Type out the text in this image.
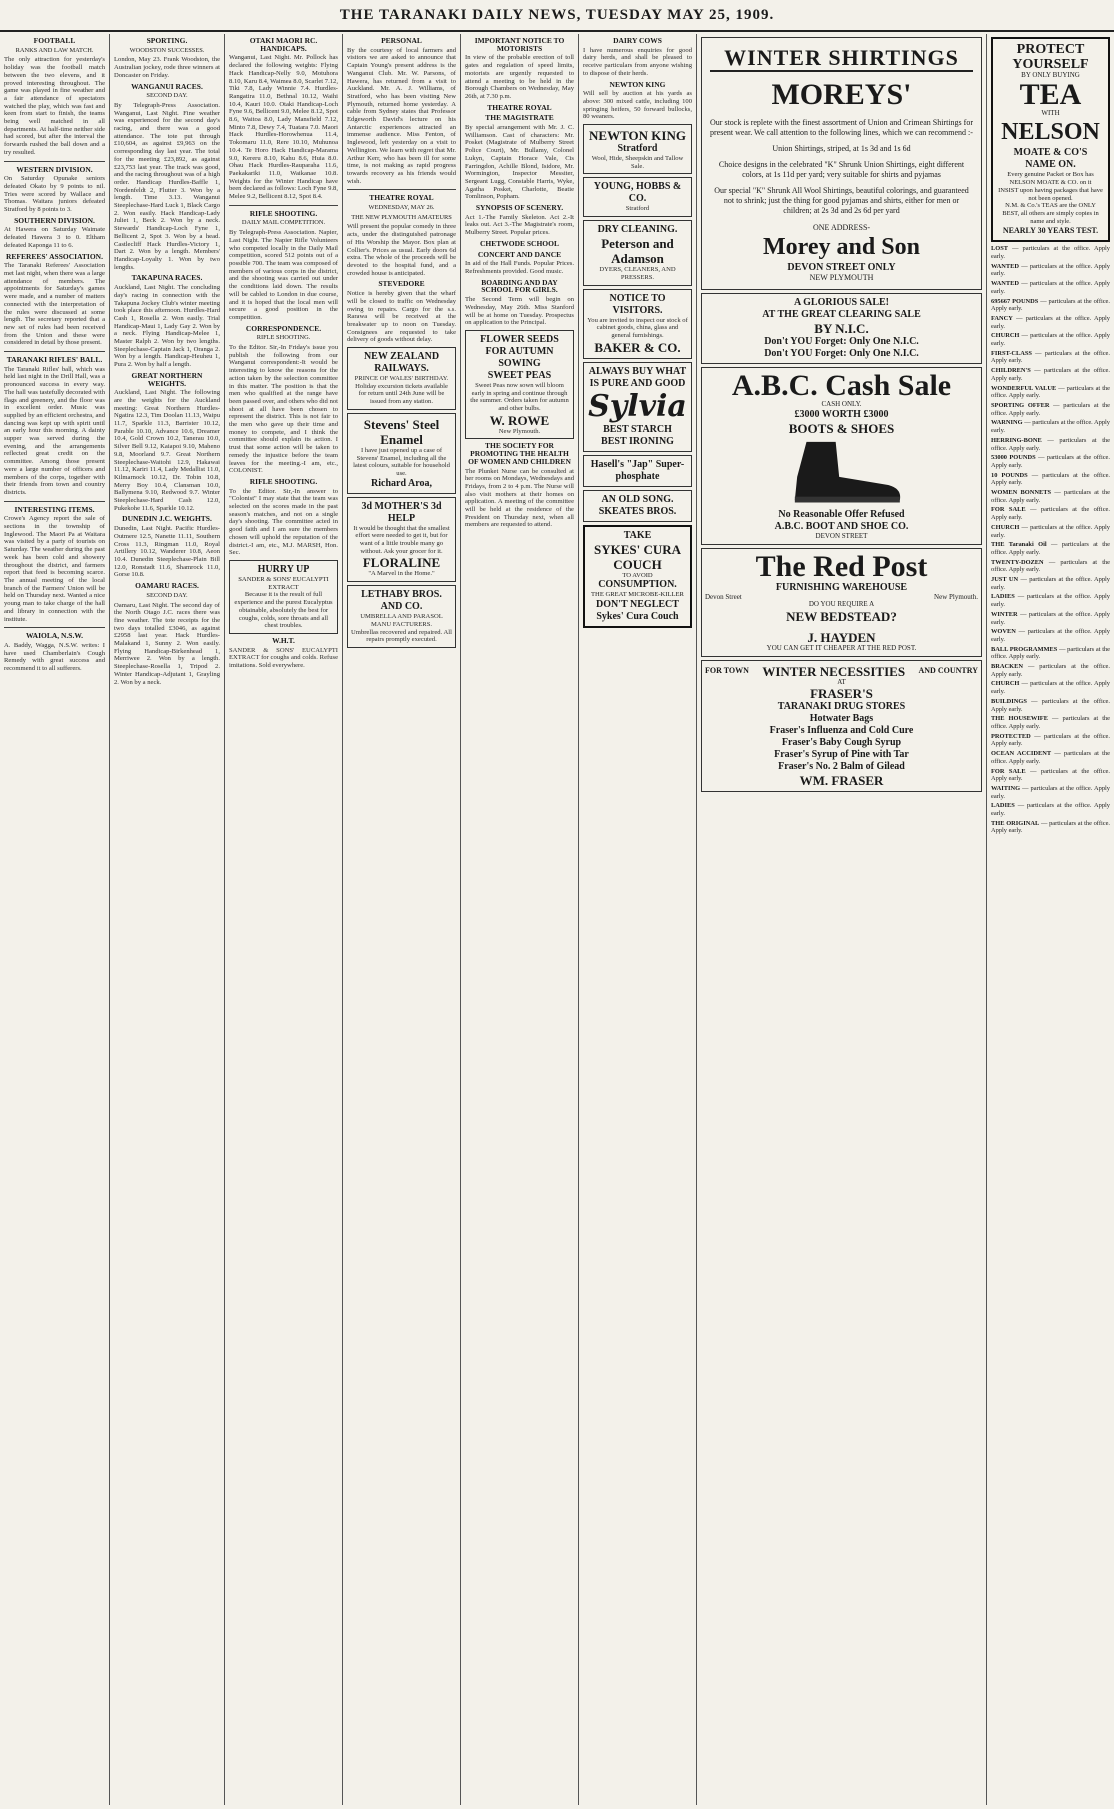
THE TARANAKI DAILY NEWS, TUESDAY MAY 25, 1909.
FOOTBALL
RANKS AND LAW MATCH.
The only attraction for yesterday's holiday was the football match between the two elevens, and it proved interesting throughout. The game was played in fine weather and a fair attendance of spectators watched the play, which was fast and keen from start to finish, the teams being well matched in all departments. At half-time neither side had scored, but after the interval the forwards rushed the ball down and a try resulted.
WESTERN DIVISION.
On Saturday Opunake seniors defeated Okato by 9 points to nil. Tries were scored by Wallace and Thomas. Waitara juniors defeated Stratford by 8 points to 3.
SOUTHERN DIVISION.
At Hawera on Saturday Waimate defeated Hawera 3 to 0. Eltham defeated Kaponga 11 to 6.
REFEREES' ASSOCIATION.
The Taranaki Referees' Association met last night, when there was a large attendance of members. The appointments for Saturday's games were made, and a number of matters connected with the interpretation of the rules were discussed at some length. The secretary reported that a new set of rules had been received from the Union and these were considered in detail by those present.
TARANAKI RIFLES' BALL.
The Taranaki Rifles' ball, which was held last night in the Drill Hall, was a pronounced success in every way. The hall was tastefully decorated with flags and greenery, and the floor was in excellent order. Music was supplied by an efficient orchestra, and dancing was kept up with spirit until an early hour this morning. A dainty supper was served during the evening, and the arrangements reflected great credit on the committee. Among those present were a large number of officers and members of the corps, together with their friends from town and country districts.
INTERESTING ITEMS.
Crowe's Agency report the sale of sections in the township of Inglewood. The Maori Pa at Waitara was visited by a party of tourists on Saturday. The weather during the past week has been cold and showery throughout the district, and farmers report that feed is becoming scarce. The annual meeting of the local branch of the Farmers' Union will be held on Thursday next. Wanted a nice young man to take charge of the hall and library in connection with the institute.
WAIOLA, N.S.W.
A. Baddy, Wagga, N.S.W. writes: I have used Chamberlain's Cough Remedy with great success and recommend it to all sufferers.
SPORTING.
WOODSTON SUCCESSES.
London, May 23. Frank Woodston, the Australian jockey, rode three winners at Doncaster on Friday.
WANGANUI RACES.
SECOND DAY.
By Telegraph-Press Association. Wanganui, Last Night. Fine weather was experienced for the second day's racing, and there was a good attendance. The tote put through £10,604, as against £9,963 on the corresponding day last year. The total for the meeting £23,892, as against £23,753 last year. The track was good, and the racing throughout was of a high order. Handicap Hurdles-Baffle 1, Nordenfeldt 2, Flutter 3. Won by a length. Time 3.13. Wanganui Steeplechase-Hard Luck 1, Black Cargo 2. Won easily. Hack Handicap-Lady Juliet 1, Beck 2. Won by a neck. Stewards' Handicap-Loch Fyne 1, Bellicent 2, Spot 3. Won by a head. Castlecliff Hack Hurdles-Victory 1, Dart 2. Won by a length. Members' Handicap-Loyalty 1. Won by two lengths.
TAKAPUNA RACES.
Auckland, Last Night. The concluding day's racing in connection with the Takapuna Jockey Club's winter meeting took place this afternoon. Hurdles-Hard Cash 1, Rosella 2. Won easily. Trial Handicap-Maui 1, Lady Gay 2. Won by a neck. Flying Handicap-Melee 1, Master Ralph 2. Won by two lengths. Steeplechase-Captain Jack 1, Oranga 2. Won by a length. Handicap-Heuheu 1, Pura 2. Won by half a length.
GREAT NORTHERN WEIGHTS.
Auckland, Last Night. The following are the weights for the Auckland meeting: Great Northern Hurdles-Ngatira 12.3, Tim Doolan 11.13, Waipu 11.7, Sparkle 11.3, Barrister 10.12, Parable 10.10, Advance 10.6, Dreamer 10.4, Gold Crown 10.2, Tanerau 10.0, Silver Bell 9.12, Kaiapoi 9.10, Maheno 9.8, Moorland 9.7. Great Northern Steeplechase-Waitohi 12.9, Hakawai 11.12, Kariri 11.4, Lady Medallist 11.0, Kilmarnock 10.12, Dr. Tobin 10.8, Merry Boy 10.4, Clansman 10.0, Ballymena 9.10, Redwood 9.7. Winter Steeplechase-Hard Cash 12.0, Pukekohe 11.6, Sparkle 10.12.
DUNEDIN J.C. WEIGHTS.
Dunedin, Last Night. Pacific Hurdles-Outmere 12.5, Nanette 11.11, Southern Cross 11.3, Ringman 11.0, Royal Artillery 10.12, Wanderer 10.8, Aeon 10.4. Dunedin Steeplechase-Plain Bill 12.0, Ronstadt 11.6, Shamrock 11.0, Gorse 10.8.
OAMARU RACES.
SECOND DAY.
Oamaru, Last Night. The second day of the North Otago J.C. races there was fine weather. The tote receipts for the two days totalled £3046, as against £2958 last year. Hack Hurdles-Malakand 1, Sunny 2. Won easily. Flying Handicap-Birkenhead 1, Merriwee 2. Won by a length. Steeplechase-Rosella 1, Tripod 2. Winter Handicap-Adjutant 1, Grayling 2. Won by a neck.
OTAKI MAORI RC. HANDICAPS.
Wanganui, Last Night. Mr. Pollock has declared the following weights: Flying Hack Handicap-Nelly 9.0, Motuhora 8.10, Karu 8.4, Waimea 8.0, Scarlet 7.12, Tiki 7.8, Lady Winnie 7.4. Hurdles-Rangatira 11.0, Bethnal 10.12, Waihi 10.4, Kauri 10.0. Otaki Handicap-Loch Fyne 9.6, Bellicent 9.0, Melee 8.12, Spot 8.6, Waitoa 8.0, Lady Mansfield 7.12, Minto 7.8, Dewy 7.4, Tuatara 7.0. Maori Hack Hurdles-Horowhenua 11.4, Tokomaru 11.0, Rere 10.10, Muhunoa 10.4. Te Horo Hack Handicap-Marama 9.0, Kereru 8.10, Kahu 8.6, Huia 8.0. Ohau Hack Hurdles-Rauparaha 11.6, Paekakariki 11.0, Waikanae 10.8. Weights for the Winter Handicap have been declared as follows: Loch Fyne 9.8, Melee 9.2, Bellicent 8.12, Spot 8.4.
RIFLE SHOOTING.
DAILY MAIL COMPETITION.
By Telegraph-Press Association. Napier, Last Night. The Napier Rifle Volunteers who competed locally in the Daily Mail competition, scored 512 points out of a possible 700. The team was composed of members of various corps in the district, and the shooting was carried out under the conditions laid down. The results will be cabled to London in due course, and it is hoped that the local men will secure a good position in the competition.
CORRESPONDENCE.
RIFLE SHOOTING.
To the Editor. Sir,-In Friday's issue you publish the following from our Wanganui correspondent:-It would be interesting to know the reasons for the action taken by the selection committee in this matter. The position is that the men who qualified at the range have been passed over, and others who did not shoot at all have been chosen to represent the district. This is not fair to the men who gave up their time and money to compete, and I think the committee should explain its action. I trust that some action will be taken to remedy the injustice before the team leaves for the meeting.-I am, etc., COLONIST.
RIFLE SHOOTING.
To the Editor. Sir,-In answer to "Colonist" I may state that the team was selected on the scores made in the past season's matches, and not on a single day's shooting. The committee acted in good faith and I am sure the members chosen will uphold the reputation of the district.-I am, etc., M.J. MARSH, Hon. Sec.
HURRY UP
SANDER & SONS' EUCALYPTI EXTRACT
Because it is the result of full experience and the purest Eucalyptus obtainable, absolutely the best for coughs, colds, sore throats and all chest troubles.
W.H.T.
SANDER & SONS' EUCALYPTI EXTRACT for coughs and colds. Refuse imitations. Sold everywhere.
PERSONAL
By the courtesy of local farmers and visitors we are asked to announce that Captain Young's present address is the Wanganui Club. Mr. W. Parsons, of Hawera, has returned from a visit to Auckland. Mr. A. J. Williams, of Stratford, who has been visiting New Plymouth, returned home yesterday. A cable from Sydney states that Professor Edgeworth David's lecture on his Antarctic experiences attracted an immense audience. Miss Fenton, of Inglewood, left yesterday on a visit to Wellington. We learn with regret that Mr. Arthur Kerr, who has been ill for some time, is not making as rapid progress towards recovery as his friends would wish.
THEATRE ROYAL
WEDNESDAY, MAY 26.
THE NEW PLYMOUTH AMATEURS
Will present the popular comedy in three acts, under the distinguished patronage of His Worship the Mayor. Box plan at Collier's. Prices as usual. Early doors 6d extra. The whole of the proceeds will be devoted to the hospital fund, and a crowded house is anticipated.
STEVEDORE
Notice is hereby given that the wharf will be closed to traffic on Wednesday owing to repairs. Cargo for the s.s. Rarawa will be received at the breakwater up to noon on Tuesday. Consignees are requested to take delivery of goods without delay.
NEW ZEALAND RAILWAYS.
PRINCE OF WALES' BIRTHDAY.
Holiday excursion tickets available for return until 24th June will be issued from any station.
Stevens' Steel Enamel
I have just opened up a case of Stevens' Enamel, including all the latest colours, suitable for household use.
Richard Aroa,
3d MOTHER'S 3d HELP
It would be thought that the smallest effort were needed to get it, but for want of a little trouble many go without. Ask your grocer for it.
FLORALINE
"A Marvel in the Home."
LETHABY BROS. AND CO.
UMBRELLA AND PARASOL MANU FACTURERS.
Umbrellas recovered and repaired. All repairs promptly executed.
IMPORTANT NOTICE TO MOTORISTS
In view of the probable erection of toll gates and regulation of speed limits, motorists are urgently requested to attend a meeting to be held in the Borough Chambers on Wednesday, May 26th, at 7.30 p.m.
THEATRE ROYAL
THE MAGISTRATE
By special arrangement with Mr. J. C. Williamson. Cast of characters: Mr. Posket (Magistrate of Mulberry Street Police Court), Mr. Bullamy, Colonel Lukyn, Captain Horace Vale, Cis Farringdon, Achille Blond, Isidore, Mr. Wormington, Inspector Messiter, Sergeant Lugg, Constable Harris, Wyke, Agatha Posket, Charlotte, Beatie Tomlinson, Popham.
SYNOPSIS OF SCENERY.
Act 1.-The Family Skeleton. Act 2.-It leaks out. Act 3.-The Magistrate's room, Mulberry Street. Popular prices.
CHETWODE SCHOOL
CONCERT AND DANCE
In aid of the Hall Funds. Popular Prices. Refreshments provided. Good music.
BOARDING AND DAY SCHOOL FOR GIRLS.
The Second Term will begin on Wednesday, May 26th. Miss Stanford will be at home on Tuesday. Prospectus on application to the Principal.
FLOWER SEEDS FOR AUTUMN SOWING
SWEET PEAS
Sweet Peas now sown will bloom early in spring and continue through the summer. Orders taken for autumn and other bulbs.
W. ROWE
New Plymouth.
THE SOCIETY FOR PROMOTING THE HEALTH OF WOMEN AND CHILDREN
The Plunket Nurse can be consulted at her rooms on Mondays, Wednesdays and Fridays, from 2 to 4 p.m. The Nurse will also visit mothers at their homes on application. A meeting of the committee will be held at the residence of the President on Thursday next, when all members are requested to attend.
DAIRY COWS
I have numerous enquiries for good dairy herds, and shall be pleased to receive particulars from anyone wishing to dispose of their herds.
NEWTON KING
Will sell by auction at his yards as above: 300 mixed cattle, including 100 springing heifers, 50 forward bullocks, 80 weaners.
NEWTON KING
Stratford
Wool, Hide, Sheepskin and Tallow Sale.
YOUNG, HOBBS & CO.
Stratford
DRY CLEANING.
Peterson and Adamson
DYERS, CLEANERS, AND PRESSERS.
NOTICE TO VISITORS.
You are invited to inspect our stock of cabinet goods, china, glass and general furnishings.
BAKER & CO.
ALWAYS BUY WHAT IS PURE AND GOOD
Sylvia
BEST STARCH
BEST IRONING
Hasell's "Jap" Super-phosphate
AN OLD SONG.
SKEATES BROS.
TAKE
SYKES' CURA COUCH
TO AVOID
CONSUMPTION.
THE GREAT MICROBE-KILLER
DON'T NEGLECT
Sykes' Cura Couch
WINTER SHIRTINGS
MOREYS'
Our stock is replete with the finest assortment of Union and Crimean Shirtings for present wear. We call attention to the following lines, which we can recommend :-
Union Shirtings, striped, at 1s 3d and 1s 6d
Choice designs in the celebrated "K" Shrunk Union Shirtings, eight different colors, at 1s 11d per yard; very suitable for shirts and pyjamas
Our special "K" Shrunk All Wool Shirtings, beautiful colorings, and guaranteed not to shrink; just the thing for good pyjamas and shirts, either for men or children; at 2s 3d and 2s 6d per yard
ONE ADDRESS-
Morey and Son
DEVON STREET ONLY
NEW PLYMOUTH
A GLORIOUS SALE!
AT THE GREAT CLEARING SALE
BY N.I.C.
Don't YOU Forget: Only One N.I.C.
Don't YOU Forget: Only One N.I.C.
A.B.C. Cash Sale
CASH ONLY.
£3000 WORTH £3000
BOOTS & SHOES
No Reasonable Offer Refused
A.B.C. BOOT AND SHOE CO.
DEVON STREET
The Red Post
FURNISHING WAREHOUSE
Devon Street	New Plymouth.
DO YOU REQUIRE A
NEW BEDSTEAD?
J. HAYDEN
YOU CAN GET IT CHEAPER AT THE RED POST.
FOR TOWN WINTER NECESSITIES AND COUNTRY
AT
FRASER'S
TARANAKI DRUG STORES
Hotwater Bags
Fraser's Influenza and Cold Cure
Fraser's Baby Cough Syrup
Fraser's Syrup of Pine with Tar
Fraser's No. 2 Balm of Gilead
WM. FRASER
PROTECT YOURSELF
BY ONLY BUYING
TEA
WITH
NELSON
MOATE & CO'S
NAME ON.
Every genuine Packet or Box has NELSON MOATE & CO. on it
INSIST upon having packages that have not been opened.
N.M. & Co.'s TEAS are the ONLY BEST, all others are simply copies in name and style.
NEARLY 30 YEARS TEST.
LOST — particulars at the office. Apply early.
WANTED — particulars at the office. Apply early.
WANTED — particulars at the office. Apply early.
695667 POUNDS — particulars at the office. Apply early.
FANCY — particulars at the office. Apply early.
CHURCH — particulars at the office. Apply early.
FIRST-CLASS — particulars at the office. Apply early.
CHILDREN'S — particulars at the office. Apply early.
WONDERFUL VALUE — particulars at the office. Apply early.
SPORTING OFFER — particulars at the office. Apply early.
WARNING — particulars at the office. Apply early.
HERRING-BONE — particulars at the office. Apply early.
53000 POUNDS — particulars at the office. Apply early.
10 POUNDS — particulars at the office. Apply early.
WOMEN BONNETS — particulars at the office. Apply early.
FOR SALE — particulars at the office. Apply early.
CHURCH — particulars at the office. Apply early.
THE Taranaki Oil — particulars at the office. Apply early.
TWENTY-DOZEN — particulars at the office. Apply early.
JUST UN — particulars at the office. Apply early.
LADIES — particulars at the office. Apply early.
WINTER — particulars at the office. Apply early.
WOVEN — particulars at the office. Apply early.
BALL PROGRAMMES — particulars at the office. Apply early.
BRACKEN — particulars at the office. Apply early.
CHURCH — particulars at the office. Apply early.
BUILDINGS — particulars at the office. Apply early.
THE HOUSEWIFE — particulars at the office. Apply early.
PROTECTED — particulars at the office. Apply early.
OCEAN ACCIDENT — particulars at the office. Apply early.
FOR SALE — particulars at the office. Apply early.
WAITING — particulars at the office. Apply early.
LADIES — particulars at the office. Apply early.
THE ORIGINAL — particulars at the office. Apply early.
